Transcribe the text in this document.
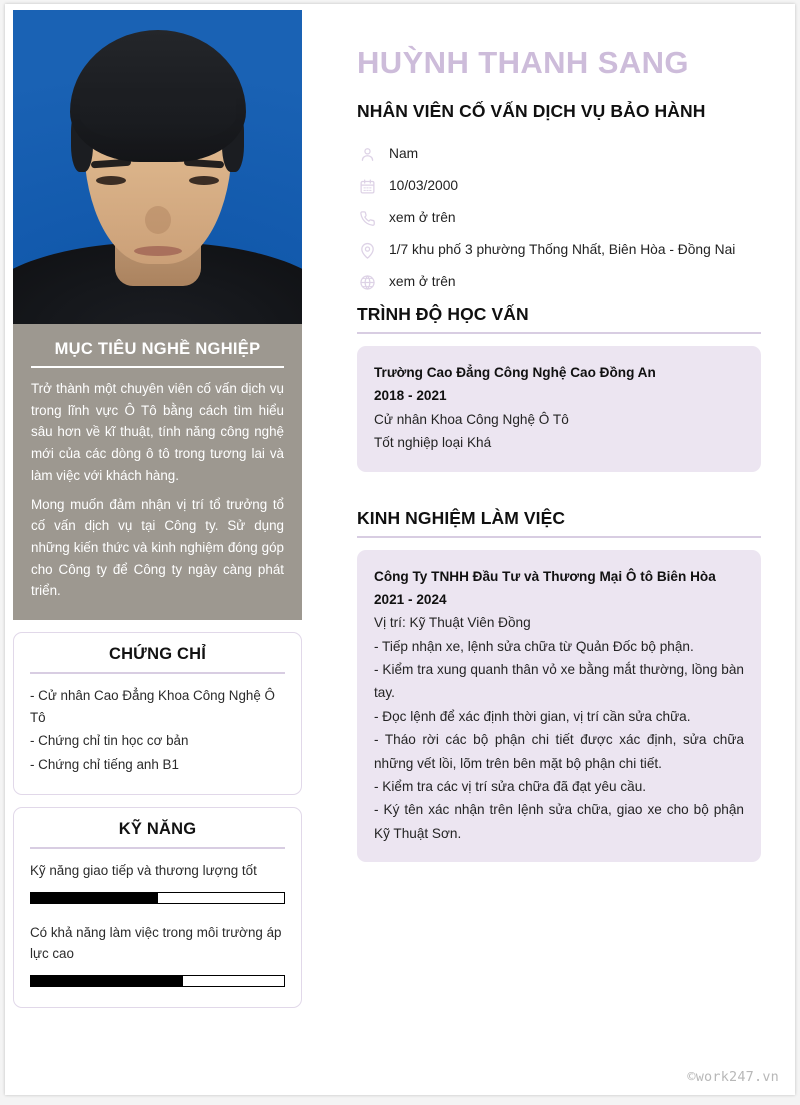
MỤC TIÊU NGHỀ NGHIỆP

Trở thành một chuyên viên cố vấn dịch vụ trong lĩnh vực Ô Tô bằng cách tìm hiểu sâu hơn về kĩ thuật, tính năng công nghệ mới của các dòng ô tô trong tương lai và làm việc với khách hàng.

Mong muốn đảm nhận vị trí tổ trưởng tổ cố vấn dịch vụ tại Công ty. Sử dụng những kiến thức và kinh nghiệm đóng góp cho Công ty để Công ty ngày càng phát triển.

CHỨNG CHỈ

- Cử nhân Cao Đẳng Khoa Công Nghệ Ô Tô

- Chứng chỉ tin học cơ bản

- Chứng chỉ tiếng anh B1

KỸ NĂNG

Kỹ năng giao tiếp và thương lượng tốt

Có khả năng làm việc trong môi trường áp lực cao

HUỲNH THANH SANG
NHÂN VIÊN CỐ VẤN DỊCH VỤ BẢO HÀNH
Nam
10/03/2000
xem ở trên
1/7 khu phố 3 phường Thống Nhất, Biên Hòa - Đồng Nai
xem ở trên
TRÌNH ĐỘ HỌC VẤN

Trường Cao Đẳng Công Nghệ Cao Đồng An

2018 - 2021

Cử nhân Khoa Công Nghệ Ô Tô

Tốt nghiệp loại Khá

KINH NGHIỆM LÀM VIỆC

Công Ty TNHH Đầu Tư và Thương Mại Ô tô Biên Hòa

2021 - 2024

Vị trí: Kỹ Thuật Viên Đồng

- Tiếp nhận xe, lệnh sửa chữa từ Quản Đốc bộ phận.

- Kiểm tra xung quanh thân vỏ xe bằng mắt thường, lồng bàn tay.

- Đọc lệnh để xác định thời gian, vị trí cần sửa chữa.

- Tháo rời các bộ phận chi tiết được xác định, sửa chữa những vết lồi, lõm trên bên mặt bộ phận chi tiết.

- Kiểm tra các vị trí sửa chữa đã đạt yêu cầu.

- Ký tên xác nhận trên lệnh sửa chữa, giao xe cho bộ phận Kỹ Thuật Sơn.

©work247.vn
